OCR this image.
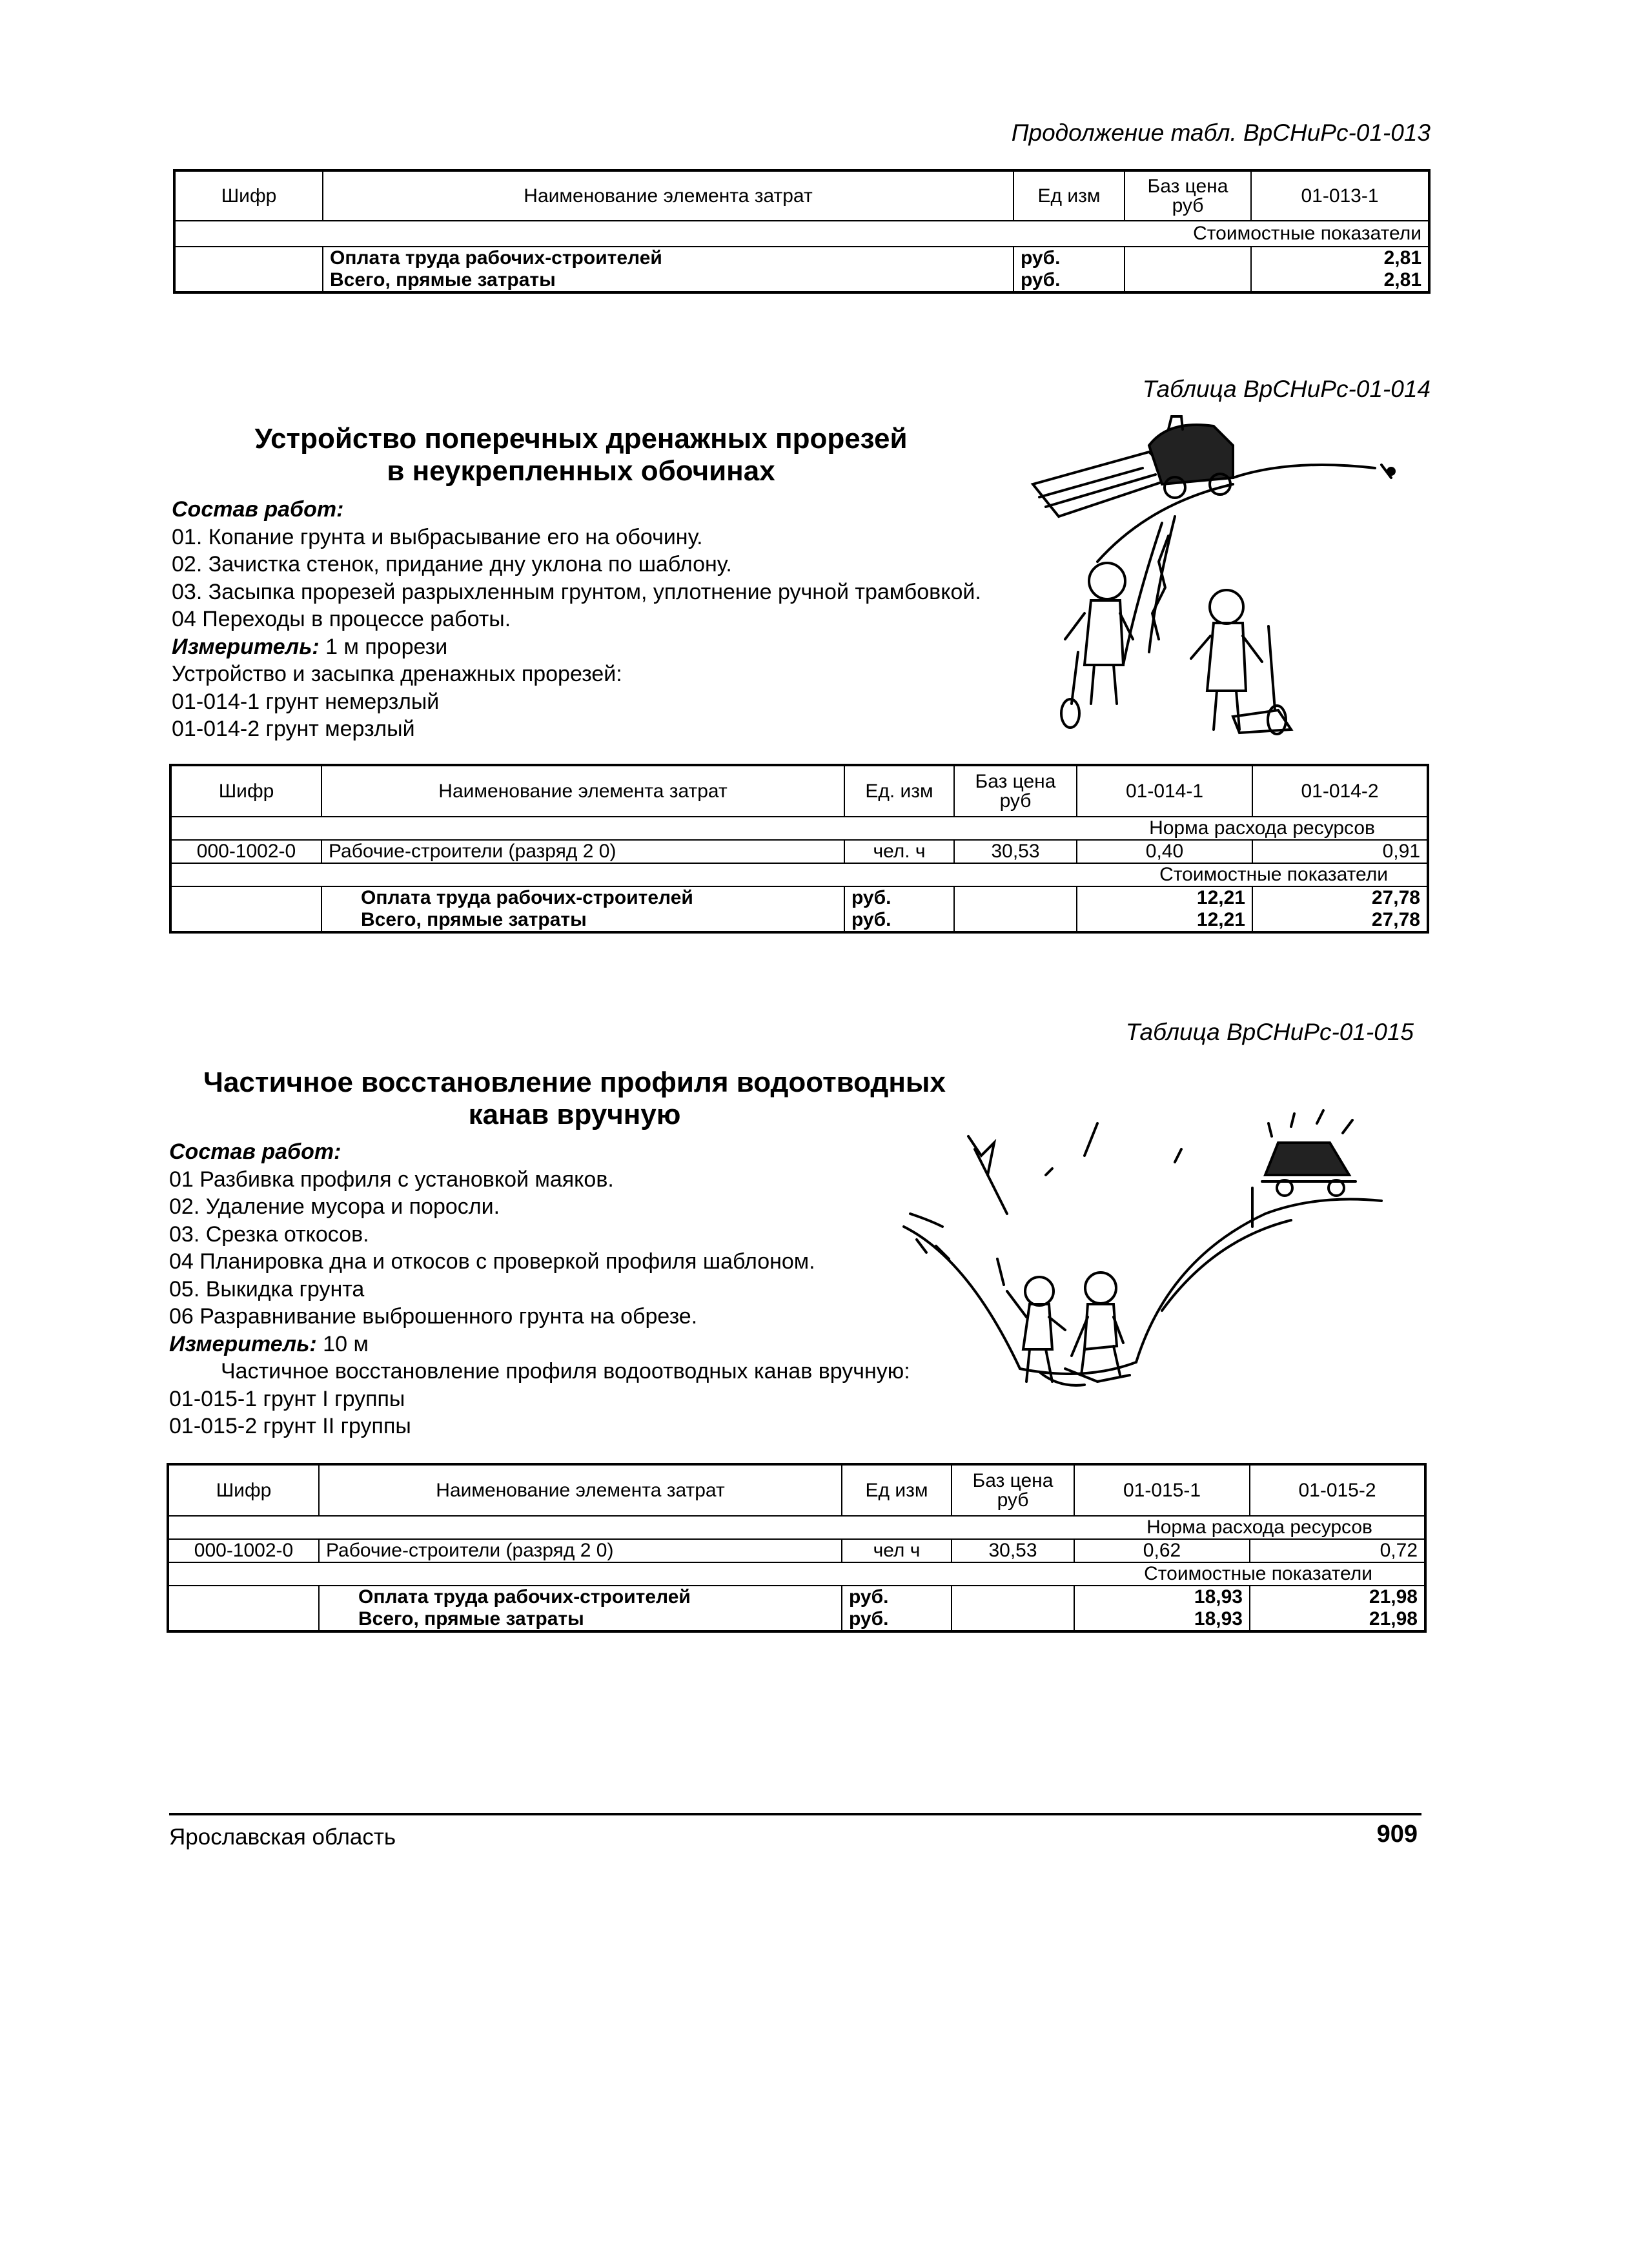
Продолжение табл. ВрСНиРс-01-013
Шифр	Наименование элемента затрат	Ед изм	Баз цена руб	01-013-1
Стоимостные показатели				
	Оплата труда рабочих-строителей	руб.		2,81
	Всего, прямые затраты	руб.		2,81
Таблица ВрСНиРс-01-014
Устройство поперечных дренажных прорезей
в неукрепленных обочинах
Состав работ:
01. Копание грунта и выбрасывание его на обочину.
02. Зачистка стенок, придание дну уклона по шаблону.
03. Засыпка прорезей разрыхленным грунтом, уплотнение ручной трамбовкой.
04 Переходы в процессе работы.
Измеритель: 1 м прорези
Устройство и засыпка дренажных прорезей:
01-014-1 грунт немерзлый
01-014-2 грунт мерзлый
Шифр	Наименование элемента затрат	Ед. изм	Баз цена руб	01-014-1	01-014-2
Норма расхода ресурсов					
000-1002-0	Рабочие-строители (разряд 2 0)	чел. ч	30,53	0,40	0,91
Стоимостные показатели					
	Оплата труда рабочих-строителей	руб.		12,21	27,78
	Всего, прямые затраты	руб.		12,21	27,78
Таблица ВрСНиРс-01-015
Частичное восстановление профиля водоотводных
канав вручную
Состав работ:
01 Разбивка профиля с установкой маяков.
02. Удаление мусора и поросли.
03. Срезка откосов.
04 Планировка дна и откосов с проверкой профиля шаблоном.
05. Выкидка грунта
06 Разравнивание выброшенного грунта на обрезе.
Измеритель: 10 м
Частичное восстановление профиля водоотводных канав вручную:
01-015-1 грунт I группы
01-015-2 грунт II группы
Шифр	Наименование элемента затрат	Ед изм	Баз цена руб	01-015-1	01-015-2
Норма расхода ресурсов					
000-1002-0	Рабочие-строители (разряд 2 0)	чел ч	30,53	0,62	0,72
Стоимостные показатели					
	Оплата труда рабочих-строителей	руб.		18,93	21,98
	Всего, прямые затраты	руб.		18,93	21,98
Ярославская область	909
